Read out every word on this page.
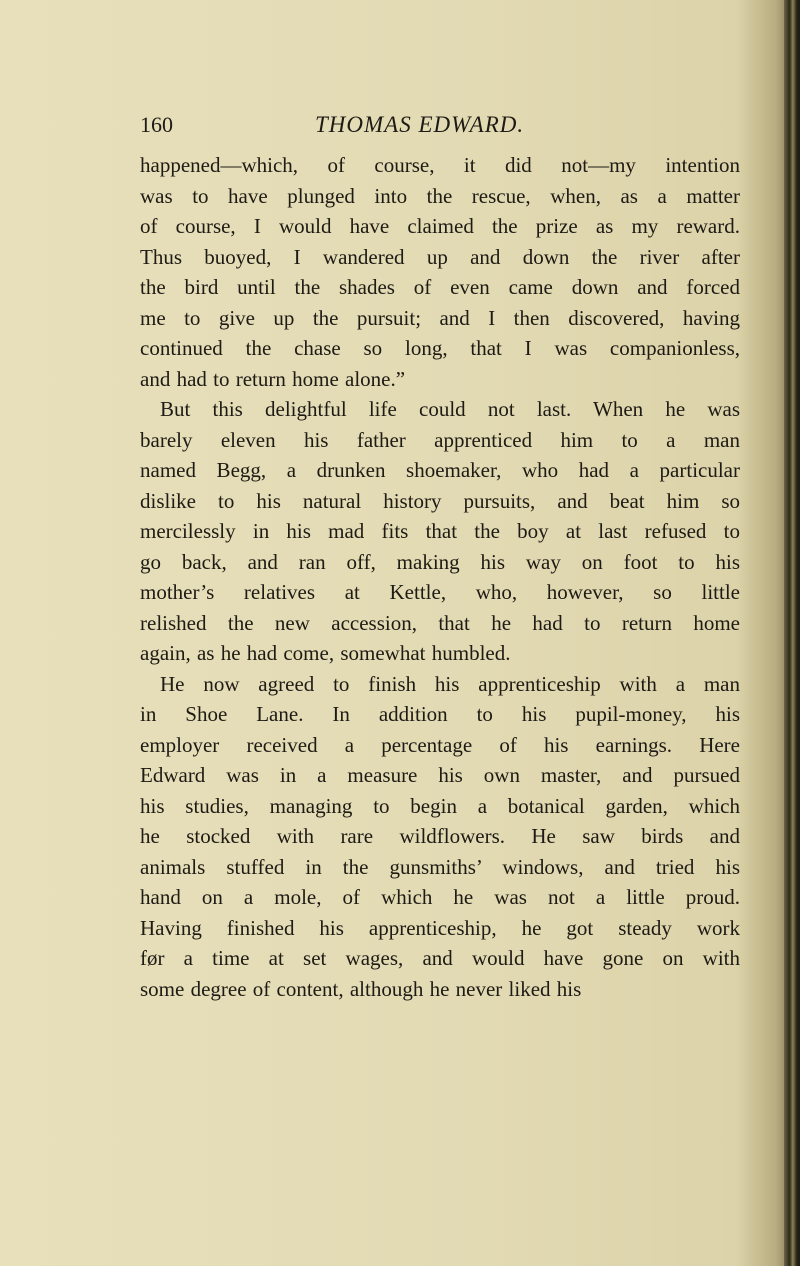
160	THOMAS EDWARD.
happened—which, of course, it did not—my intention
was to have plunged into the rescue, when, as a matter
of course, I would have claimed the prize as my reward.
Thus buoyed, I wandered up and down the river after
the bird until the shades of even came down and forced
me to give up the pursuit; and I then discovered, having
continued the chase so long, that I was companionless,
and had to return home alone.”
But this delightful life could not last. When he was
barely eleven his father apprenticed him to a man
named Begg, a drunken shoemaker, who had a particular
dislike to his natural history pursuits, and beat him so
mercilessly in his mad fits that the boy at last refused to
go back, and ran off, making his way on foot to his
mother’s relatives at Kettle, who, however, so little
relished the new accession, that he had to return home
again, as he had come, somewhat humbled.
He now agreed to finish his apprenticeship with a man
in Shoe Lane. In addition to his pupil-money, his
employer received a percentage of his earnings. Here
Edward was in a measure his own master, and pursued
his studies, managing to begin a botanical garden, which
he stocked with rare wildflowers. He saw birds and
animals stuffed in the gunsmiths’ windows, and tried his
hand on a mole, of which he was not a little proud.
Having finished his apprenticeship, he got steady work
før a time at set wages, and would have gone on with
some degree of content, although he never liked his
